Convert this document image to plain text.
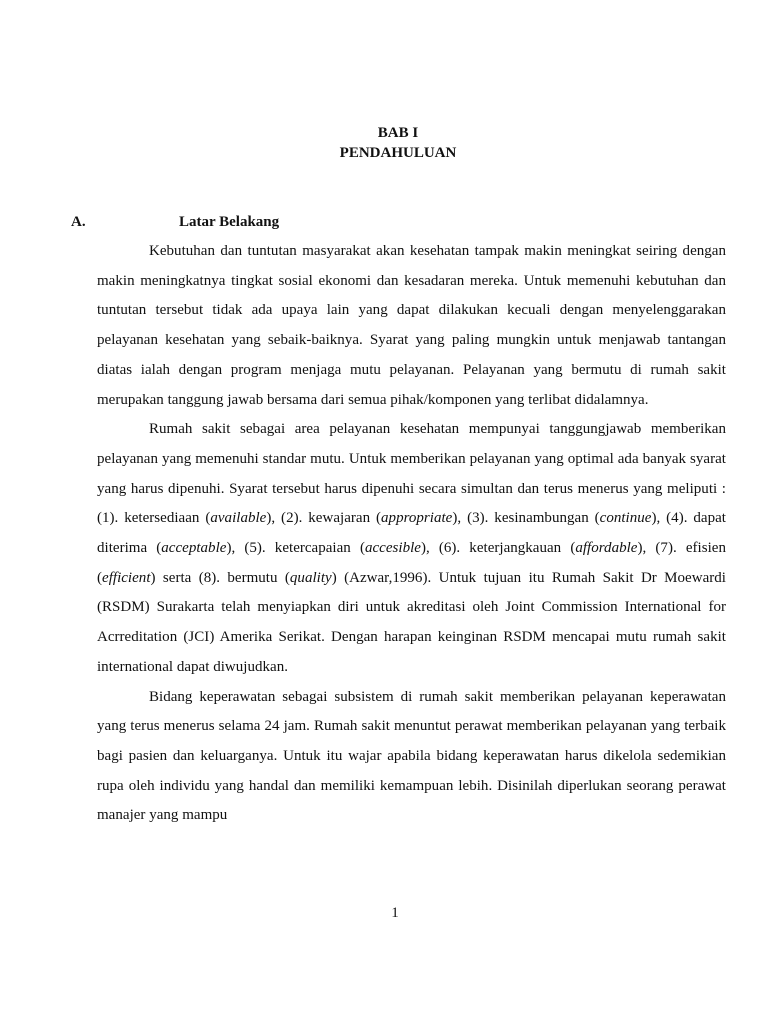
BAB I
PENDAHULUAN
A.	Latar Belakang

Kebutuhan dan tuntutan masyarakat akan kesehatan tampak makin meningkat seiring dengan makin meningkatnya tingkat sosial ekonomi dan kesadaran mereka. Untuk memenuhi kebutuhan dan tuntutan tersebut tidak ada upaya lain yang dapat dilakukan kecuali dengan menyelenggarakan pelayanan kesehatan yang sebaik-baiknya. Syarat yang paling mungkin untuk menjawab tantangan diatas ialah dengan program menjaga mutu pelayanan. Pelayanan yang bermutu di rumah sakit merupakan tanggung jawab bersama dari semua pihak/komponen yang terlibat didalamnya.

Rumah sakit sebagai area pelayanan kesehatan mempunyai tanggungjawab memberikan pelayanan yang memenuhi standar mutu. Untuk memberikan pelayanan yang optimal ada banyak syarat yang harus dipenuhi. Syarat tersebut harus dipenuhi secara simultan dan terus menerus yang meliputi : (1). ketersediaan (available), (2). kewajaran (appropriate), (3). kesinambungan (continue), (4). dapat diterima (acceptable), (5). ketercapaian (accesible), (6). keterjangkauan (affordable), (7). efisien (efficient) serta (8). bermutu (quality) (Azwar,1996). Untuk tujuan itu Rumah Sakit Dr Moewardi (RSDM) Surakarta telah menyiapkan diri untuk akreditasi oleh Joint Commission International for Acrreditation (JCI) Amerika Serikat. Dengan harapan keinginan RSDM mencapai mutu rumah sakit international dapat diwujudkan.

Bidang keperawatan sebagai subsistem di rumah sakit memberikan pelayanan keperawatan yang terus menerus selama 24 jam. Rumah sakit menuntut perawat memberikan pelayanan yang terbaik bagi pasien dan keluarganya. Untuk itu wajar apabila bidang keperawatan harus dikelola sedemikian rupa oleh individu yang handal dan memiliki kemampuan lebih. Disinilah diperlukan seorang perawat manajer yang mampu

1
